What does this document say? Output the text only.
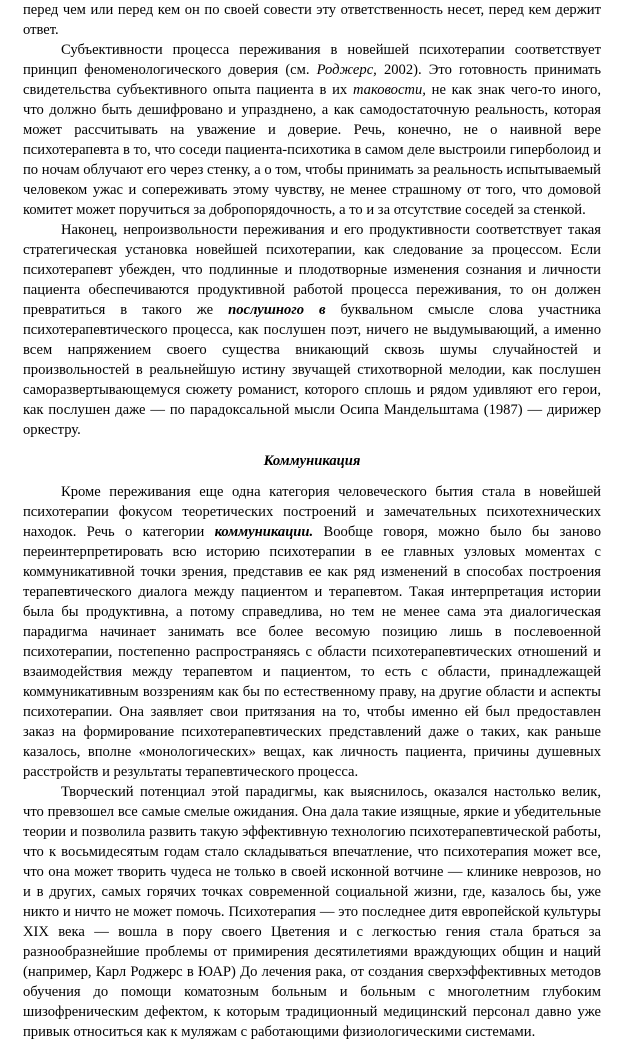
перед чем или перед кем он по своей совести эту ответственность несет, перед кем держит ответ.

Субъективности процесса переживания в новейшей психотерапии соответствует принцип феноменологического доверия (см. Роджерс, 2002). Это готовность принимать свидетельства субъективного опыта пациента в их таковости, не как знак чего-то иного, что должно быть дешифровано и упразднено, а как самодостаточную реальность, которая может рассчитывать на уважение и доверие. Речь, конечно, не о наивной вере психотерапевта в то, что соседи пациента-психотика в самом деле выстроили гиперболоид и по ночам облучают его через стенку, а о том, чтобы принимать за реальность испытываемый человеком ужас и сопереживать этому чувству, не менее страшному от того, что домовой комитет может поручиться за добропорядочность, а то и за отсутствие соседей за стенкой.

Наконец, непроизвольности переживания и его продуктивности соответствует такая стратегическая установка новейшей психотерапии, как следование за процессом. Если психотерапевт убежден, что подлинные и плодотворные изменения сознания и личности пациента обеспечиваются продуктивной работой процесса переживания, то он должен превратиться в такого же послушного в буквальном смысле слова участника психотерапевтического процесса, как послушен поэт, ничего не выдумывающий, а именно всем напряжением своего существа вникающий сквозь шумы случайностей и произвольностей в реальнейшую истину звучащей стихотворной мелодии, как послушен саморазвертывающемуся сюжету романист, которого сплошь и рядом удивляют его герои, как послушен даже — по парадоксальной мысли Осипа Мандельштама (1987) — дирижер оркестру.

Коммуникация

Кроме переживания еще одна категория человеческого бытия стала в новейшей психотерапии фокусом теоретических построений и замечательных психотехнических находок. Речь о категории коммуникации. Вообще говоря, можно было бы заново переинтерпретировать всю историю психотерапии в ее главных узловых моментах с коммуникативной точки зрения, представив ее как ряд изменений в способах построения терапевтического диалога между пациентом и терапевтом. Такая интерпретация истории была бы продуктивна, а потому справедлива, но тем не менее сама эта диалогическая парадигма начинает занимать все более весомую позицию лишь в послевоенной психотерапии, постепенно распространяясь с области психотерапевтических отношений и взаимодействия между терапевтом и пациентом, то есть с области, принадлежащей коммуникативным воззрениям как бы по естественному праву, на другие области и аспекты психотерапии. Она заявляет свои притязания на то, чтобы именно ей был предоставлен заказ на формирование психотерапевтических представлений даже о таких, как раньше казалось, вполне «монологических» вещах, как личность пациента, причины душевных расстройств и результаты терапевтического процесса.

Творческий потенциал этой парадигмы, как выяснилось, оказался настолько велик, что превзошел все самые смелые ожидания. Она дала такие изящные, яркие и убедительные теории и позволила развить такую эффективную технологию психотерапевтической работы, что к восьмидесятым годам стало складываться впечатление, что психотерапия может все, что она может творить чудеса не только в своей исконной вотчине — клинике неврозов, но и в других, самых горячих точках современной социальной жизни, где, казалось бы, уже никто и ничто не может помочь. Психотерапия — это последнее дитя европейской культуры XIX века — вошла в пору своего Цветения и с легкостью гения стала браться за разнообразнейшие проблемы от примирения десятилетиями враждующих общин и наций (например, Карл Роджерс в ЮАР) До лечения рака, от создания сверхэффективных методов обучения до помощи коматозным больным и больным с многолетним глубоким шизофреническим дефектом, к которым традиционный медицинский персонал давно уже привык относиться как к муляжам с работающими физиологическими системами.
